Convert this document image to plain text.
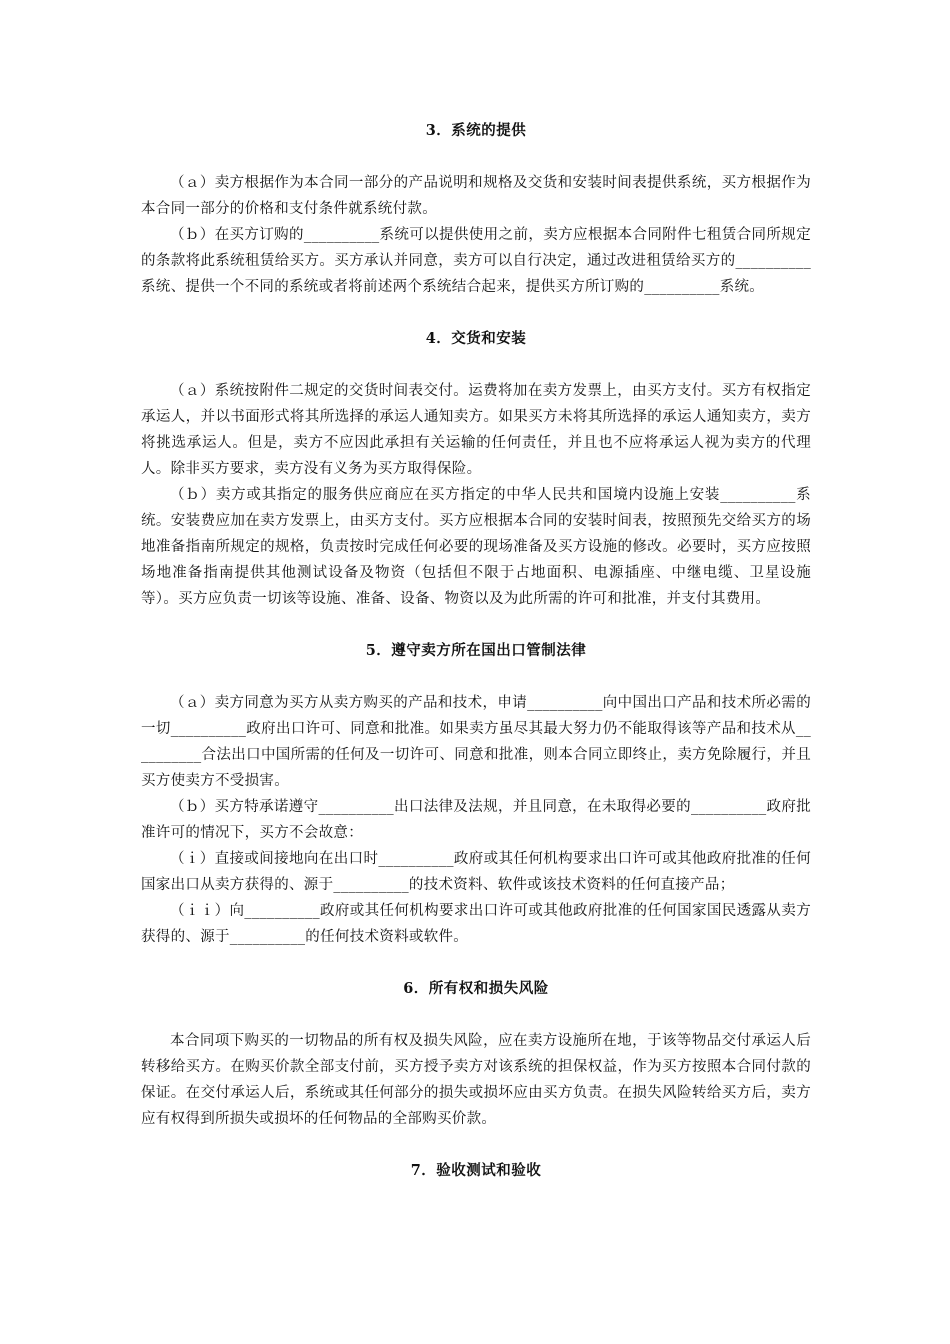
3．系统的提供

（ａ）卖方根据作为本合同一部分的产品说明和规格及交货和安装时间表提供系统，买方根据作为本合同一部分的价格和支付条件就系统付款。

（ｂ）在买方订购的__________系统可以提供使用之前，卖方应根据本合同附件七租赁合同所规定的条款将此系统租赁给买方。买方承认并同意，卖方可以自行决定，通过改进租赁给买方的__________系统、提供一个不同的系统或者将前述两个系统结合起来，提供买方所订购的__________系统。

4．交货和安装

（ａ）系统按附件二规定的交货时间表交付。运费将加在卖方发票上，由买方支付。买方有权指定承运人，并以书面形式将其所选择的承运人通知卖方。如果买方未将其所选择的承运人通知卖方，卖方将挑选承运人。但是，卖方不应因此承担有关运输的任何责任，并且也不应将承运人视为卖方的代理人。除非买方要求，卖方没有义务为买方取得保险。

（ｂ）卖方或其指定的服务供应商应在买方指定的中华人民共和国境内设施上安装__________系统。安装费应加在卖方发票上，由买方支付。买方应根据本合同的安装时间表，按照预先交给买方的场地准备指南所规定的规格，负责按时完成任何必要的现场准备及买方设施的修改。必要时，买方应按照场地准备指南提供其他测试设备及物资（包括但不限于占地面积、电源插座、中继电缆、卫星设施等）。买方应负责一切该等设施、准备、设备、物资以及为此所需的许可和批准，并支付其费用。

5．遵守卖方所在国出口管制法律

（ａ）卖方同意为买方从卖方购买的产品和技术，申请__________向中国出口产品和技术所必需的一切__________政府出口许可、同意和批准。如果卖方虽尽其最大努力仍不能取得该等产品和技术从__________合法出口中国所需的任何及一切许可、同意和批准，则本合同立即终止，卖方免除履行，并且买方使卖方不受损害。

（ｂ）买方特承诺遵守__________出口法律及法规，并且同意，在未取得必要的__________政府批准许可的情况下，买方不会故意：

（ｉ）直接或间接地向在出口时__________政府或其任何机构要求出口许可或其他政府批准的任何国家出口从卖方获得的、源于__________的技术资料、软件或该技术资料的任何直接产品；

（ｉｉ）向__________政府或其任何机构要求出口许可或其他政府批准的任何国家国民透露从卖方获得的、源于__________的任何技术资料或软件。

6．所有权和损失风险

本合同项下购买的一切物品的所有权及损失风险，应在卖方设施所在地，于该等物品交付承运人后转移给买方。在购买价款全部支付前，买方授予卖方对该系统的担保权益，作为买方按照本合同付款的保证。在交付承运人后，系统或其任何部分的损失或损坏应由买方负责。在损失风险转给买方后，卖方应有权得到所损失或损坏的任何物品的全部购买价款。

7．验收测试和验收
